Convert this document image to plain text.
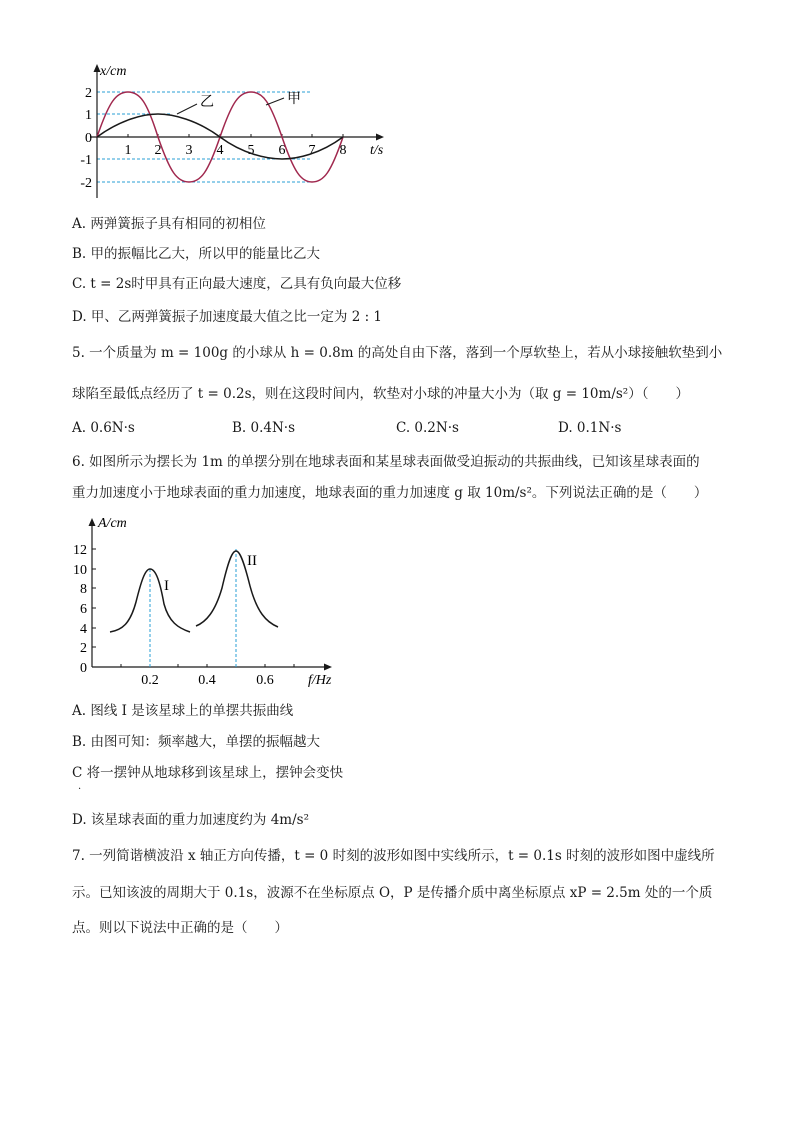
x/cm
t/s
2
1
0
-1
-2
1 2 3 4 5 6 7 8
乙	甲
A. 两弹簧振子具有相同的初相位
B. 甲的振幅比乙大，所以甲的能量比乙大
C. t = 2s时甲具有正向最大速度，乙具有负向最大位移
D. 甲、乙两弹簧振子加速度最大值之比一定为 2 : 1
5. 一个质量为 m = 100g 的小球从 h = 0.8m 的高处自由下落，落到一个厚软垫上，若从小球接触软垫到小
球陷至最低点经历了 t = 0.2s，则在这段时间内，软垫对小球的冲量大小为（取 g = 10m/s²）（　　）
A. 0.6N·s	B. 0.4N·s	C. 0.2N·s	D. 0.1N·s
6. 如图所示为摆长为 1m 的单摆分别在地球表面和某星球表面做受迫振动的共振曲线，已知该星球表面的
重力加速度小于地球表面的重力加速度，地球表面的重力加速度 g 取 10m/s²。下列说法正确的是（　　）
A/cm
f/Hz
12
10
8
6
4
2
0
0.2	0.4	0.6
I
II
A. 图线 I 是该星球上的单摆共振曲线
B. 由图可知：频率越大，单摆的振幅越大
C 将一摆钟从地球移到该星球上，摆钟会变快
.
D. 该星球表面的重力加速度约为 4m/s²
7. 一列简谐横波沿 x 轴正方向传播，t = 0 时刻的波形如图中实线所示，t = 0.1s 时刻的波形如图中虚线所
示。已知该波的周期大于 0.1s，波源不在坐标原点 O，P 是传播介质中离坐标原点 xP = 2.5m 处的一个质
点。则以下说法中正确的是（　　）
